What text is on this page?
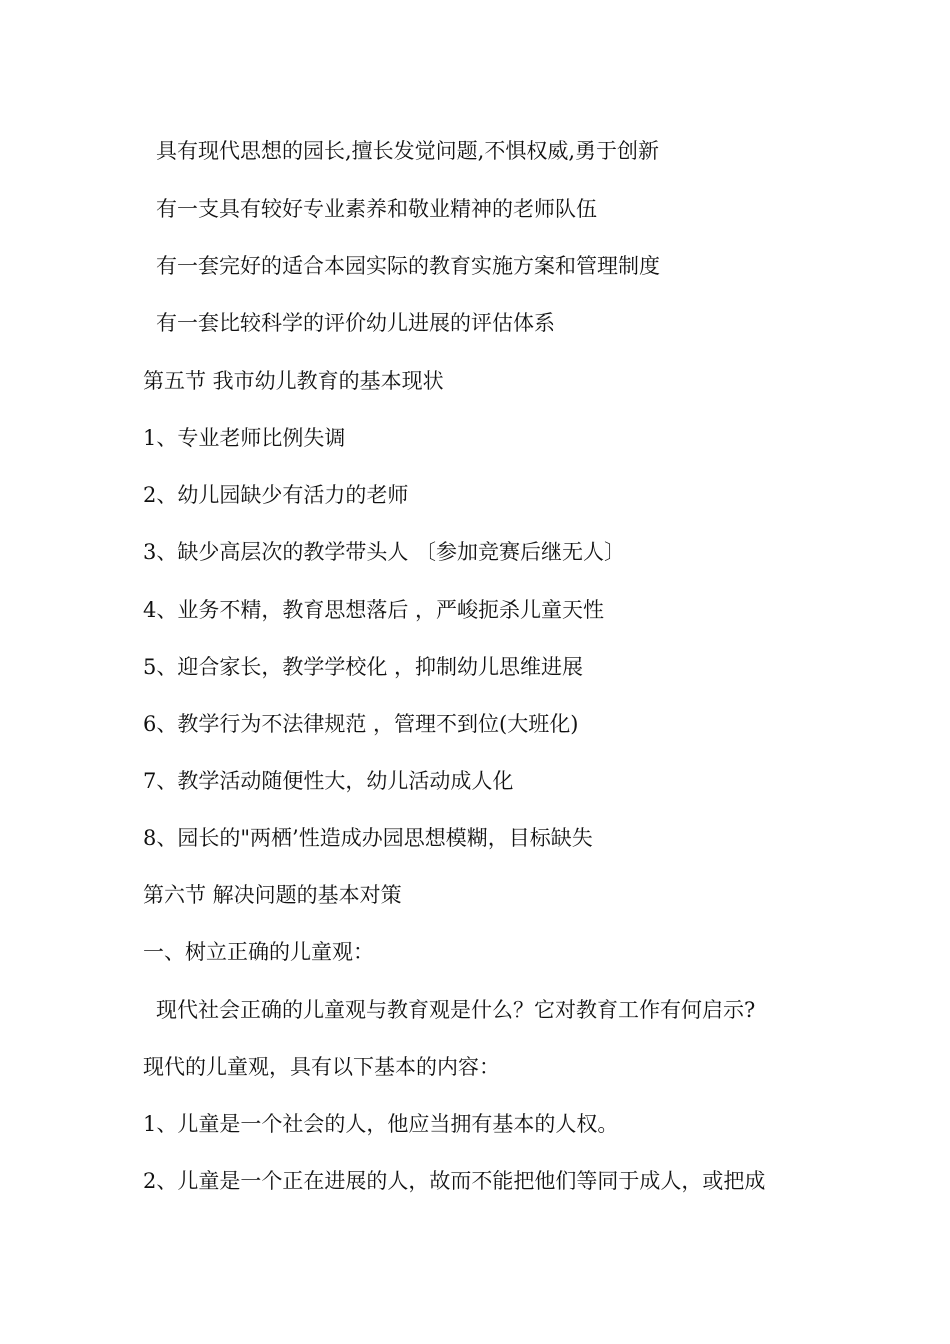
具有现代思想的园长,擅长发觉问题,不惧权威,勇于创新
有一支具有较好专业素养和敬业精神的老师队伍
有一套完好的适合本园实际的教育实施方案和管理制度
有一套比较科学的评价幼儿进展的评估体系
第五节 我市幼儿教育的基本现状
1、专业老师比例失调
2、幼儿园缺少有活力的老师
3、缺少高层次的教学带头人 〔参加竞赛后继无人〕
4、业务不精，教育思想落后 ，严峻扼杀儿童天性
5、迎合家长，教学学校化 ，抑制幼儿思维进展
6、教学行为不法律规范 ，管理不到位(大班化)
7、教学活动随便性大，幼儿活动成人化
8、园长的"两栖’性造成办园思想模糊，目标缺失
第六节 解决问题的基本对策
一、树立正确的儿童观：
现代社会正确的儿童观与教育观是什么？它对教育工作有何启示?
现代的儿童观，具有以下基本的内容：
1、儿童是一个社会的人，他应当拥有基本的人权。
2、儿童是一个正在进展的人，故而不能把他们等同于成人，或把成
